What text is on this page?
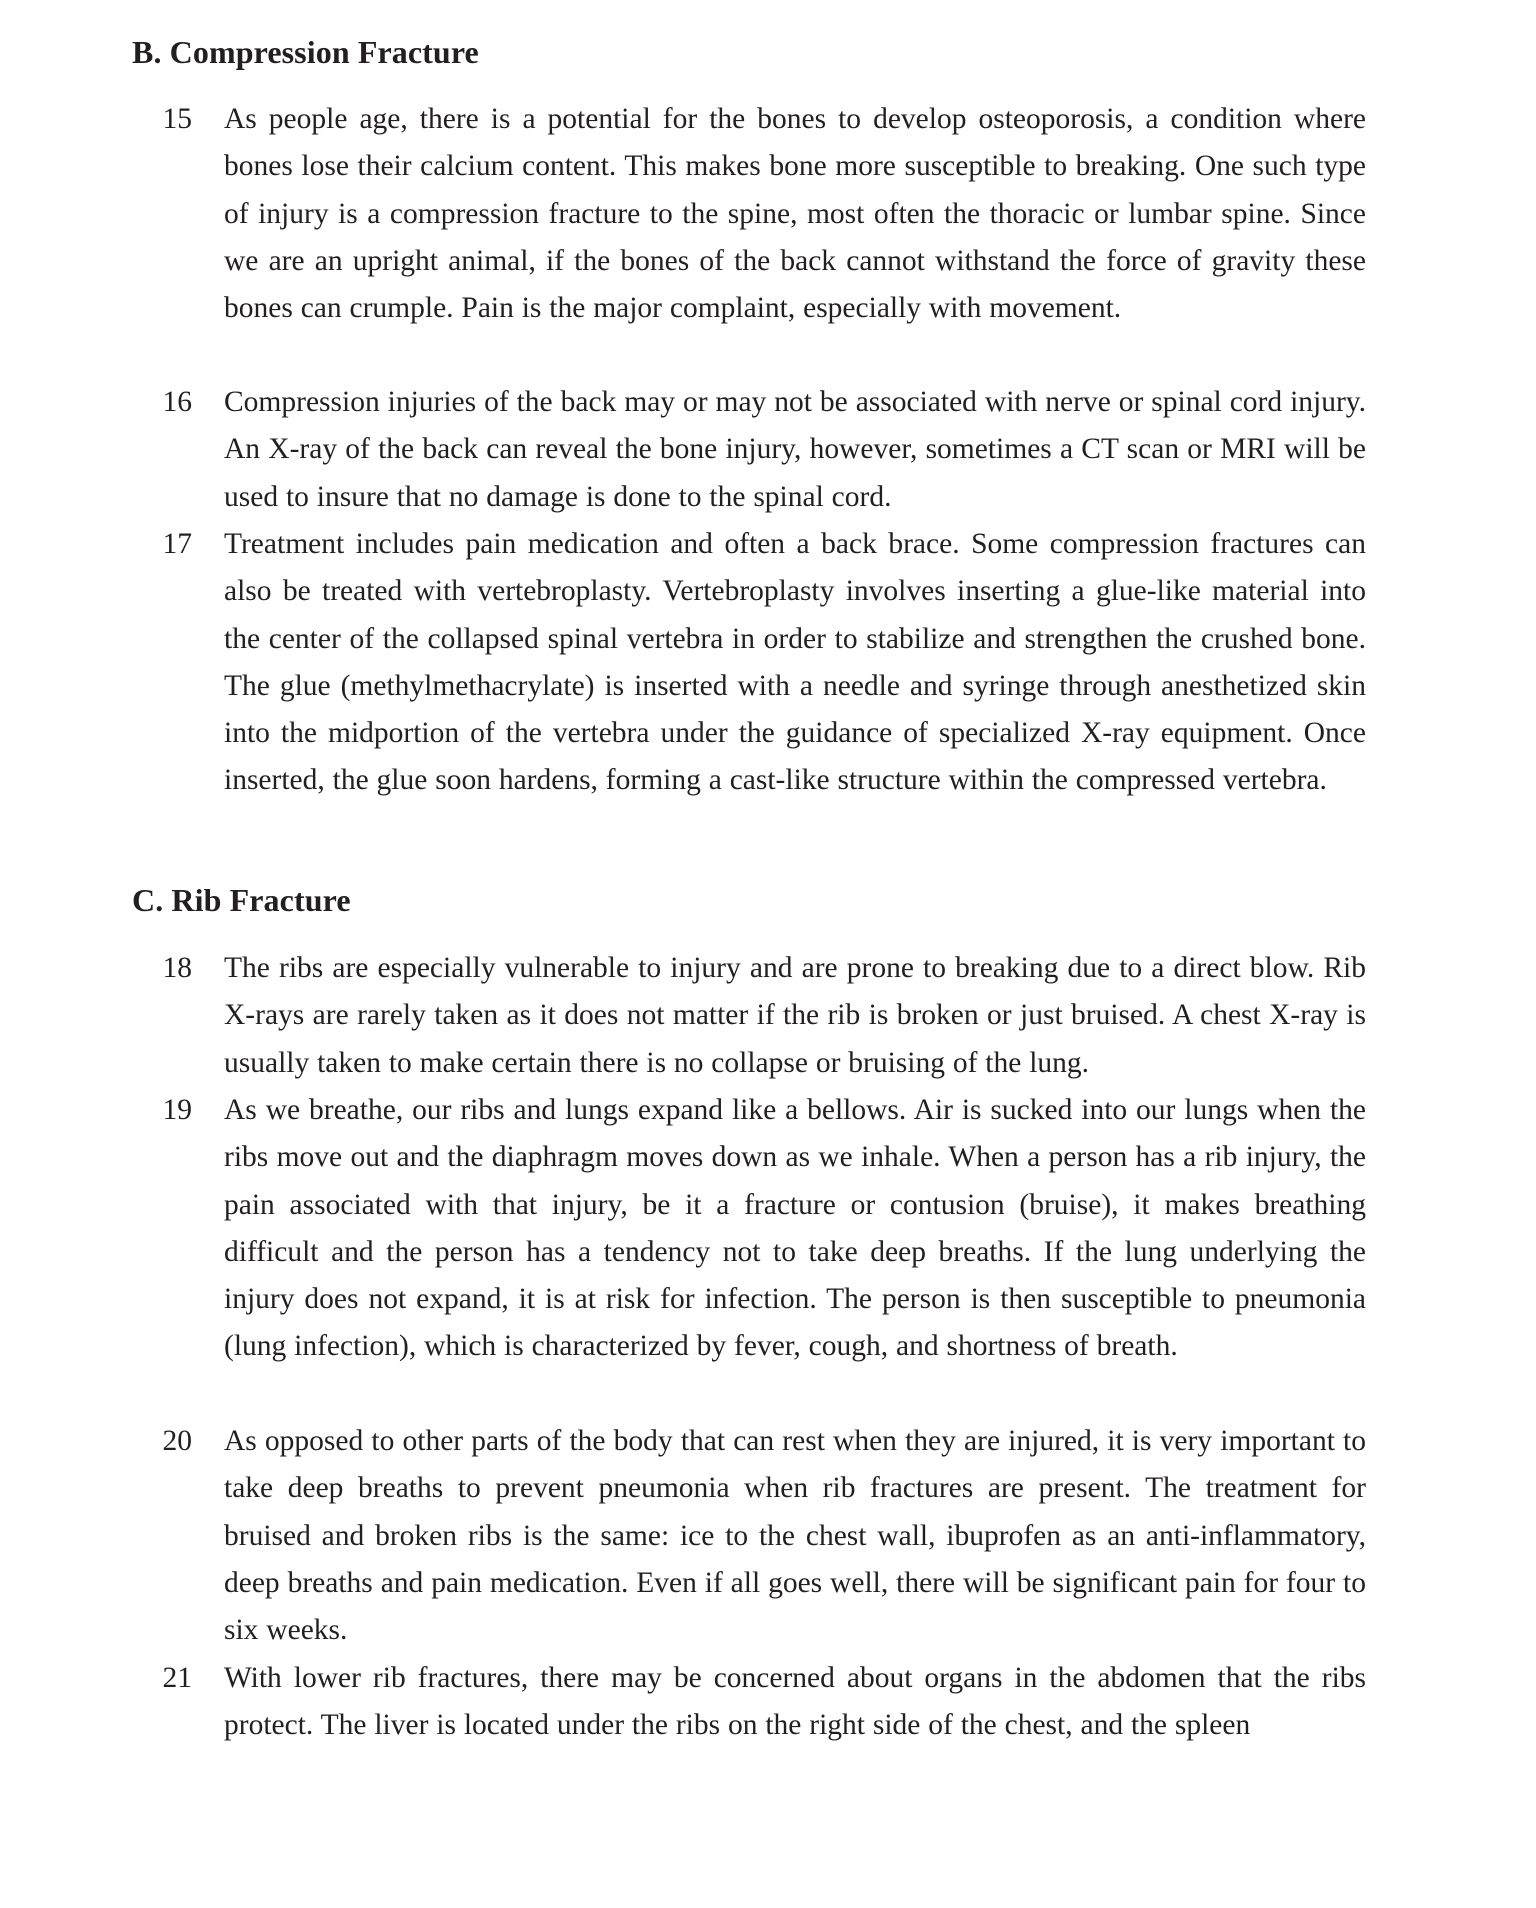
B. Compression Fracture
15 As people age, there is a potential for the bones to develop osteoporosis, a condition where bones lose their calcium content. This makes bone more susceptible to breaking. One such type of injury is a compression fracture to the spine, most often the thoracic or lumbar spine. Since we are an upright animal, if the bones of the back cannot withstand the force of gravity these bones can crumple. Pain is the major complaint, especially with movement.
16 Compression injuries of the back may or may not be associated with nerve or spinal cord injury. An X-ray of the back can reveal the bone injury, however, sometimes a CT scan or MRI will be used to insure that no damage is done to the spinal cord.
17 Treatment includes pain medication and often a back brace. Some compression fractures can also be treated with vertebroplasty. Vertebroplasty involves inserting a glue-like material into the center of the collapsed spinal vertebra in order to stabilize and strengthen the crushed bone. The glue (methylmethacrylate) is inserted with a needle and syringe through anesthetized skin into the midportion of the vertebra under the guidance of specialized X-ray equipment. Once inserted, the glue soon hardens, forming a cast-like structure within the compressed vertebra.
C. Rib Fracture
18 The ribs are especially vulnerable to injury and are prone to breaking due to a direct blow. Rib X-rays are rarely taken as it does not matter if the rib is broken or just bruised. A chest X-ray is usually taken to make certain there is no collapse or bruising of the lung.
19 As we breathe, our ribs and lungs expand like a bellows. Air is sucked into our lungs when the ribs move out and the diaphragm moves down as we inhale. When a person has a rib injury, the pain associated with that injury, be it a fracture or contusion (bruise), it makes breathing difficult and the person has a tendency not to take deep breaths. If the lung underlying the injury does not expand, it is at risk for infection. The person is then susceptible to pneumonia (lung infection), which is characterized by fever, cough, and shortness of breath.
20 As opposed to other parts of the body that can rest when they are injured, it is very important to take deep breaths to prevent pneumonia when rib fractures are present. The treatment for bruised and broken ribs is the same: ice to the chest wall, ibuprofen as an anti-inflammatory, deep breaths and pain medication. Even if all goes well, there will be significant pain for four to six weeks.
21 With lower rib fractures, there may be concerned about organs in the abdomen that the ribs protect. The liver is located under the ribs on the right side of the chest, and the spleen
